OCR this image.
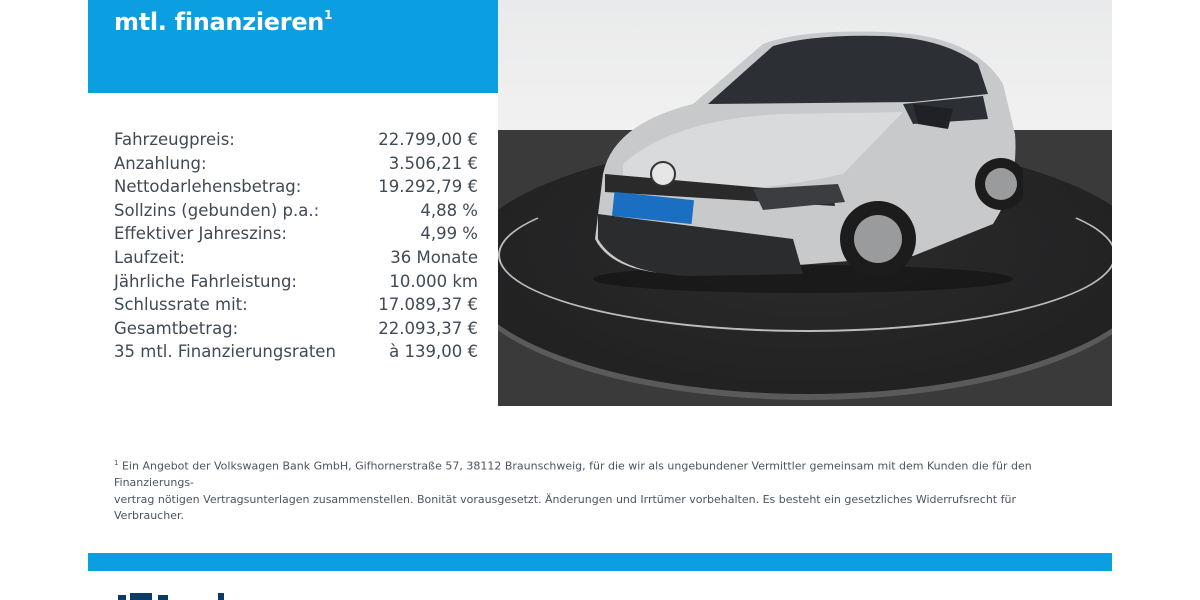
mtl. finanzieren$^1$
Fahrzeugpreis:	22.799,00 €
Anzahlung:	3.506,21 €
Nettodarlehensbetrag:	19.292,79 €
Sollzins (gebunden) p.a.:	4,88 %
Effektiver Jahreszins:	4,99 %
Laufzeit:	36 Monate
Jährliche Fahrleistung:	10.000 km
Schlussrate mit:	17.089,37 €
Gesamtbetrag:	22.093,37 €
35 mtl. Finanzierungsraten	à 139,00 €
$^1$ Ein Angebot der Volkswagen Bank GmbH, Gifhornerstraße 57, 38112 Braunschweig, für die wir als ungebundener Vermittler gemeinsam mit dem Kunden die für den Finanzierungs-
vertrag nötigen Vertragsunterlagen zusammenstellen. Bonität vorausgesetzt. Änderungen und Irrtümer vorbehalten. Es besteht ein gesetzliches Widerrufsrecht für Verbraucher.
